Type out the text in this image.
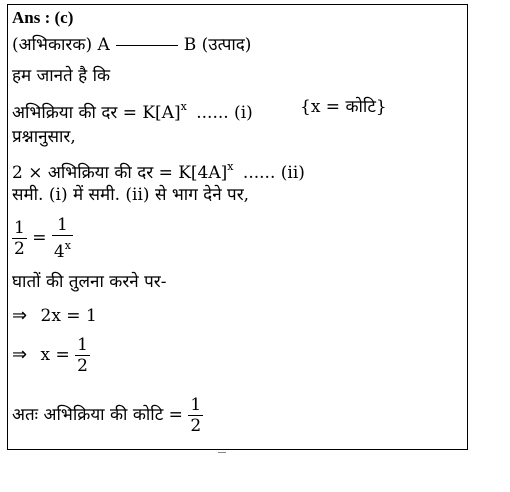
Ans : (c)
(अभिकारक) A	B (उत्पाद)
हम जानते है कि
अभिक्रिया की दर = $K[A]^x$ ...... (i)	{x = कोटि}
प्रश्नानुसार,
2 × अभिक्रिया की दर = $K[4A]^x$ ...... (ii)
समी. (i) में समी. (ii) से भाग देने पर,
$\frac{1}{2} = \frac{1}{4^x}$
घातों की तुलना करने पर-
⇒ 2x = 1
⇒ $x = \frac{1}{2}$
अतः अभिक्रिया की कोटि = $\frac{1}{2}$
